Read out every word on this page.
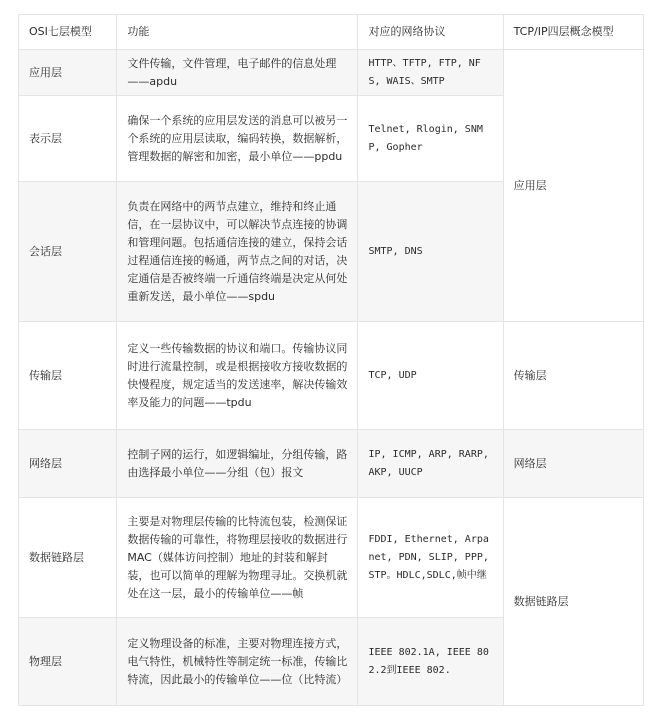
OSI七层模型	功能	对应的网络协议	TCP/IP四层概念模型
应用层	文件传输，文件管理，电子邮件的信息处理——apdu	HTTP、TFTP, FTP, NFS, WAIS、SMTP	应用层
表示层	确保一个系统的应用层发送的消息可以被另一个系统的应用层读取，编码转换，数据解析，管理数据的解密和加密，最小单位——ppdu	Telnet, Rlogin, SNMP, Gopher	
会话层	负责在网络中的两节点建立，维持和终止通信，在一层协议中，可以解决节点连接的协调和管理问题。包括通信连接的建立，保持会话过程通信连接的畅通，两节点之间的对话，决定通信是否被终端一斤通信终端是决定从何处重新发送，最小单位——spdu	SMTP, DNS	
传输层	定义一些传输数据的协议和端口。传输协议同时进行流量控制，或是根据接收方接收数据的快慢程度，规定适当的发送速率，解决传输效率及能力的问题——tpdu	TCP, UDP	传输层
网络层	控制子网的运行，如逻辑编址，分组传输，路由选择最小单位——分组（包）报文	IP, ICMP, ARP, RARP, AKP, UUCP	网络层
数据链路层	主要是对物理层传输的比特流包装，检测保证数据传输的可靠性，将物理层接收的数据进行MAC（媒体访问控制）地址的封装和解封装，也可以简单的理解为物理寻址。交换机就处在这一层，最小的传输单位——帧	FDDI, Ethernet, Arpanet, PDN, SLIP, PPP, STP。HDLC,SDLC,帧中继	数据链路层
物理层	定义物理设备的标准，主要对物理连接方式，电气特性，机械特性等制定统一标准，传输比特流，因此最小的传输单位——位（比特流）	IEEE 802.1A, IEEE 802.2到IEEE 802.	
